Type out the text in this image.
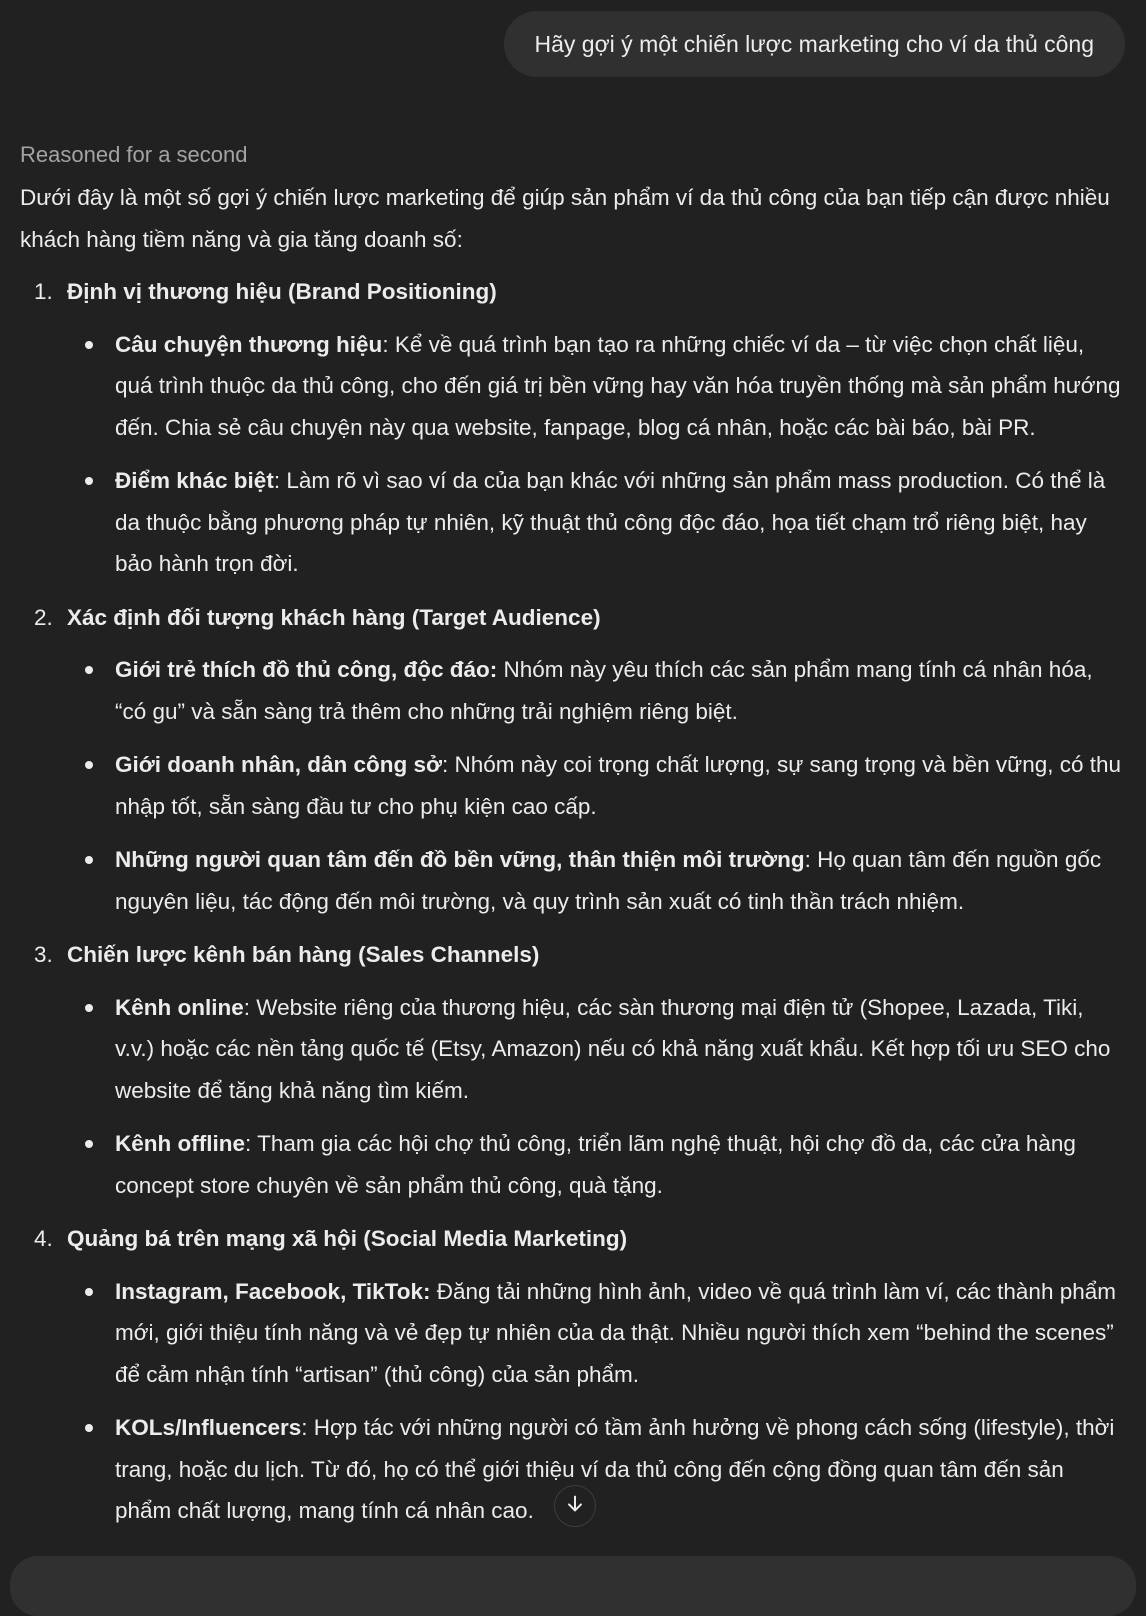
Hãy gợi ý một chiến lược marketing cho ví da thủ công
Reasoned for a second
Dưới đây là một số gợi ý chiến lược marketing để giúp sản phẩm ví da thủ công của bạn tiếp cận được nhiều khách hàng tiềm năng và gia tăng doanh số:
1. Định vị thương hiệu (Brand Positioning)
Câu chuyện thương hiệu: Kể về quá trình bạn tạo ra những chiếc ví da – từ việc chọn chất liệu, quá trình thuộc da thủ công, cho đến giá trị bền vững hay văn hóa truyền thống mà sản phẩm hướng đến. Chia sẻ câu chuyện này qua website, fanpage, blog cá nhân, hoặc các bài báo, bài PR.
Điểm khác biệt: Làm rõ vì sao ví da của bạn khác với những sản phẩm mass production. Có thể là da thuộc bằng phương pháp tự nhiên, kỹ thuật thủ công độc đáo, họa tiết chạm trổ riêng biệt, hay bảo hành trọn đời.
2. Xác định đối tượng khách hàng (Target Audience)
Giới trẻ thích đồ thủ công, độc đáo: Nhóm này yêu thích các sản phẩm mang tính cá nhân hóa, “có gu” và sẵn sàng trả thêm cho những trải nghiệm riêng biệt.
Giới doanh nhân, dân công sở: Nhóm này coi trọng chất lượng, sự sang trọng và bền vững, có thu nhập tốt, sẵn sàng đầu tư cho phụ kiện cao cấp.
Những người quan tâm đến đồ bền vững, thân thiện môi trường: Họ quan tâm đến nguồn gốc nguyên liệu, tác động đến môi trường, và quy trình sản xuất có tinh thần trách nhiệm.
3. Chiến lược kênh bán hàng (Sales Channels)
Kênh online: Website riêng của thương hiệu, các sàn thương mại điện tử (Shopee, Lazada, Tiki, v.v.) hoặc các nền tảng quốc tế (Etsy, Amazon) nếu có khả năng xuất khẩu. Kết hợp tối ưu SEO cho website để tăng khả năng tìm kiếm.
Kênh offline: Tham gia các hội chợ thủ công, triển lãm nghệ thuật, hội chợ đồ da, các cửa hàng concept store chuyên về sản phẩm thủ công, quà tặng.
4. Quảng bá trên mạng xã hội (Social Media Marketing)
Instagram, Facebook, TikTok: Đăng tải những hình ảnh, video về quá trình làm ví, các thành phẩm mới, giới thiệu tính năng và vẻ đẹp tự nhiên của da thật. Nhiều người thích xem “behind the scenes” để cảm nhận tính “artisan” (thủ công) của sản phẩm.
KOLs/Influencers: Hợp tác với những người có tầm ảnh hưởng về phong cách sống (lifestyle), thời trang, hoặc du lịch. Từ đó, họ có thể giới thiệu ví da thủ công đến cộng đồng quan tâm đến sản phẩm chất lượng, mang tính cá nhân cao.
